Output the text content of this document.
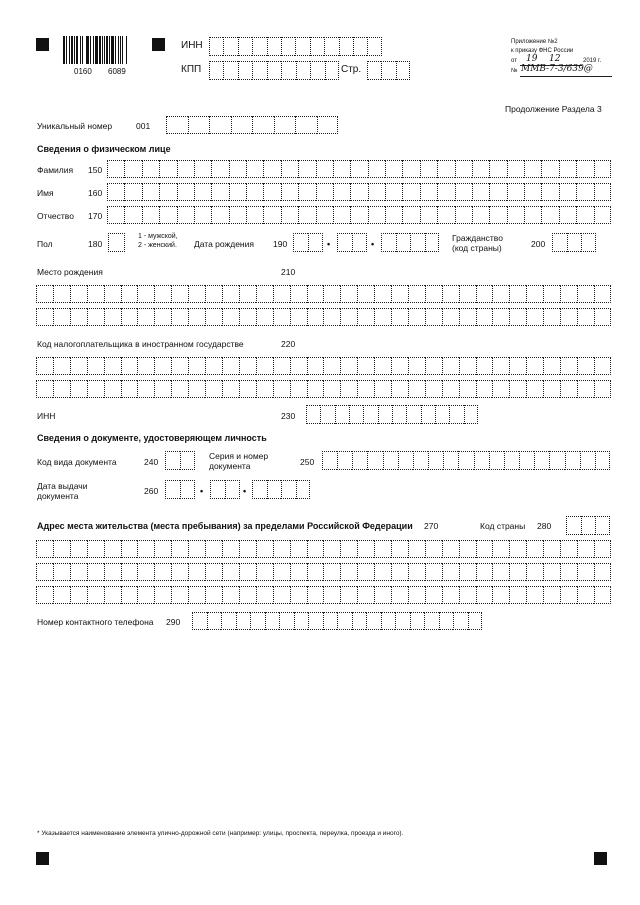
0160 6089
ИНН
КПП	Стр.
Приложение №2
к приказу ФНС России
от 19 12	2019 г.
№ ММВ-7-3/639@
Продолжение Раздела 3
Уникальный номер	001
Сведения о физическом лице
Фамилия 150
Имя	160
Отчество 170
Пол	180
1 - мужской,
2 - женский. Дата рождения 190	•	•
Гражданство
(код страны)	200
Место рождения	210
Код налогоплательщика в иностранном государстве	220
ИНН	230
Сведения о документе, удостоверяющем личность
Код вида документа	240
Серия и номер
документа	250
Дата выдачи
документа	260	•	•
Адрес места жительства (места пребывания) за пределами Российской Федерации 270	Код страны 280
Номер контактного телефона 290
* Указывается наименование элемента улично-дорожной сети (например: улицы, проспекта, переулка, проезда и иного).
